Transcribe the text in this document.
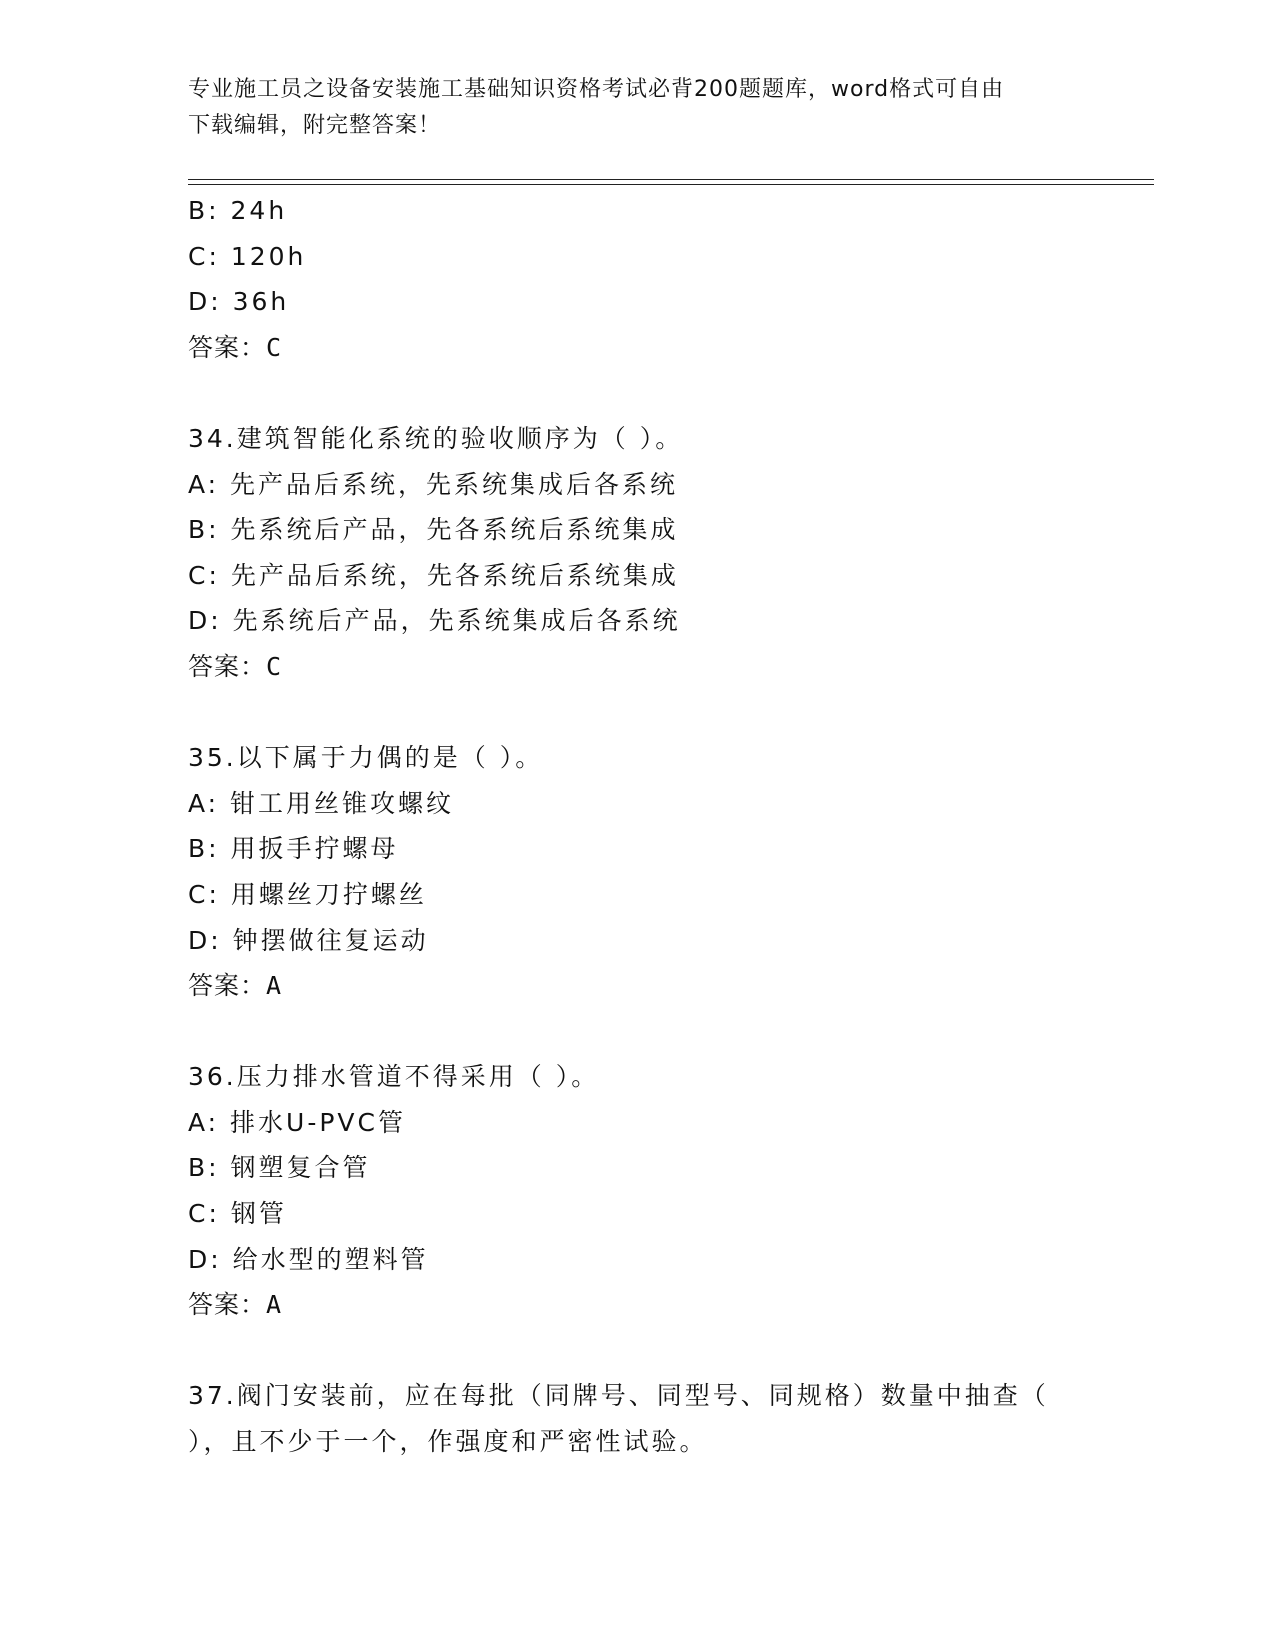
专业施工员之设备安装施工基础知识资格考试必背200题题库，word格式可自由
下载编辑，附完整答案！
B: 24h
C: 120h
D: 36h
答案：C
34.建筑智能化系统的验收顺序为（ ）。
A: 先产品后系统，先系统集成后各系统
B: 先系统后产品，先各系统后系统集成
C: 先产品后系统，先各系统后系统集成
D: 先系统后产品，先系统集成后各系统
答案：C
35.以下属于力偶的是（ ）。
A: 钳工用丝锥攻螺纹
B: 用扳手拧螺母
C: 用螺丝刀拧螺丝
D: 钟摆做往复运动
答案：A
36.压力排水管道不得采用（ ）。
A: 排水U-PVC管
B: 钢塑复合管
C: 钢管
D: 给水型的塑料管
答案：A
37.阀门安装前，应在每批（同牌号、同型号、同规格）数量中抽查（
），且不少于一个，作强度和严密性试验。
